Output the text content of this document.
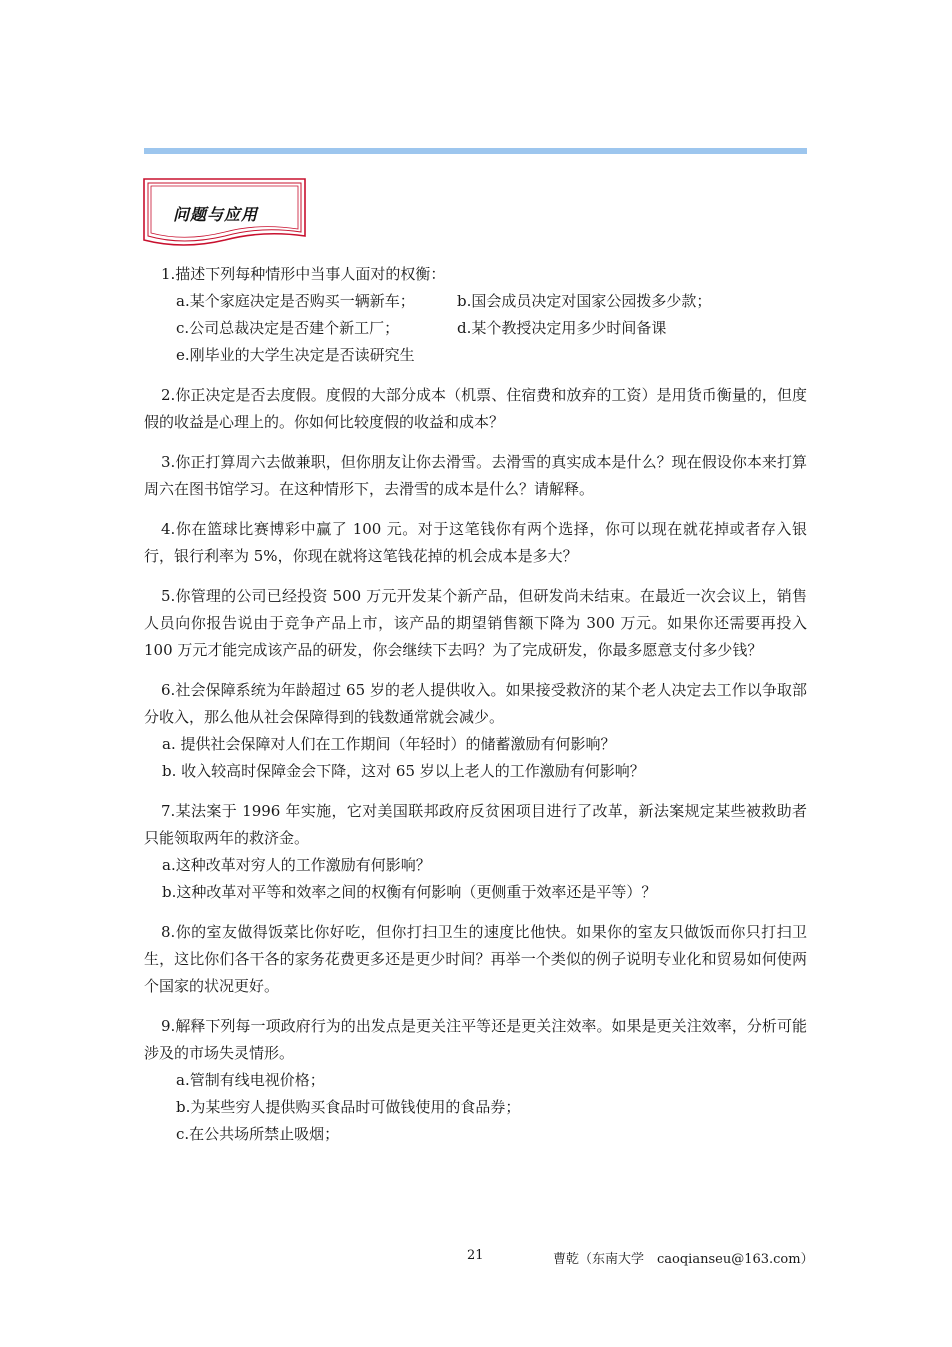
问题与应用

1.描述下列每种情形中当事人面对的权衡：

a.某个家庭决定是否购买一辆新车；	b.国会成员决定对国家公园拨多少款；
c.公司总裁决定是否建个新工厂；	d.某个教授决定用多少时间备课
e.刚毕业的大学生决定是否读研究生

2.你正决定是否去度假。度假的大部分成本（机票、住宿费和放弃的工资）是用货币衡量的，但度假的收益是心理上的。你如何比较度假的收益和成本？

3.你正打算周六去做兼职，但你朋友让你去滑雪。去滑雪的真实成本是什么？现在假设你本来打算周六在图书馆学习。在这种情形下，去滑雪的成本是什么？请解释。

4.你在篮球比赛博彩中赢了 100 元。对于这笔钱你有两个选择，你可以现在就花掉或者存入银行，银行利率为 5%，你现在就将这笔钱花掉的机会成本是多大？

5.你管理的公司已经投资 500 万元开发某个新产品，但研发尚未结束。在最近一次会议上，销售人员向你报告说由于竞争产品上市，该产品的期望销售额下降为 300 万元。如果你还需要再投入 100 万元才能完成该产品的研发，你会继续下去吗？为了完成研发，你最多愿意支付多少钱？

6.社会保障系统为年龄超过 65 岁的老人提供收入。如果接受救济的某个老人决定去工作以争取部分收入，那么他从社会保障得到的钱数通常就会减少。

a. 提供社会保障对人们在工作期间（年轻时）的储蓄激励有何影响？
b. 收入较高时保障金会下降，这对 65 岁以上老人的工作激励有何影响？

7.某法案于 1996 年实施，它对美国联邦政府反贫困项目进行了改革，新法案规定某些被救助者只能领取两年的救济金。

a.这种改革对穷人的工作激励有何影响？
b.这种改革对平等和效率之间的权衡有何影响（更侧重于效率还是平等）？

8.你的室友做得饭菜比你好吃，但你打扫卫生的速度比他快。如果你的室友只做饭而你只打扫卫生，这比你们各干各的家务花费更多还是更少时间？再举一个类似的例子说明专业化和贸易如何使两个国家的状况更好。

9.解释下列每一项政府行为的出发点是更关注平等还是更关注效率。如果是更关注效率，分析可能涉及的市场失灵情形。

a.管制有线电视价格；
b.为某些穷人提供购买食品时可做钱使用的食品券；
c.在公共场所禁止吸烟；
21	曹乾（东南大学　caoqianseu@163.com）
